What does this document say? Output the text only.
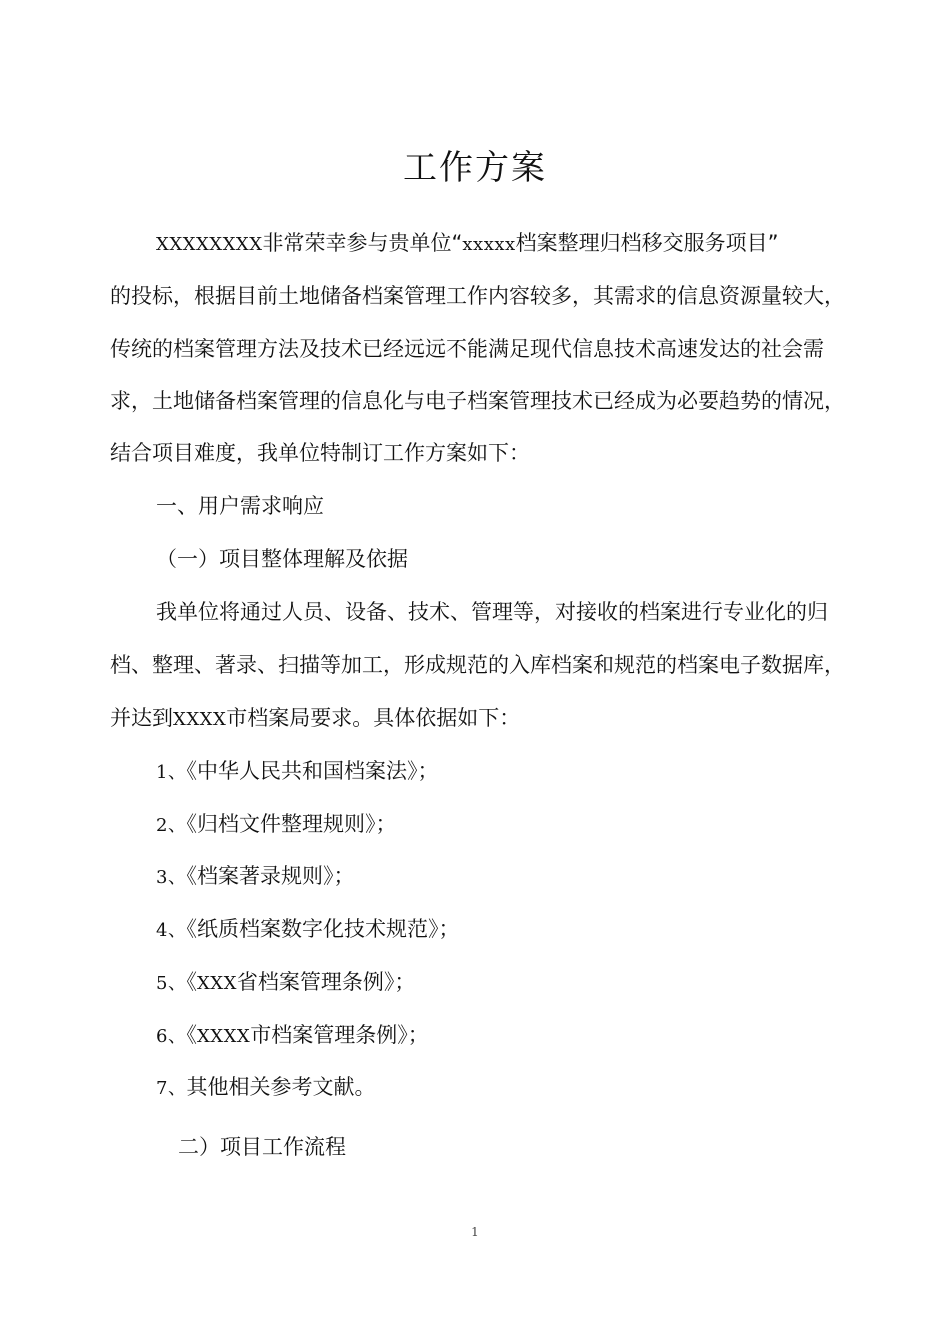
工作方案
XXXXXXXX非常荣幸参与贵单位“xxxxx档案整理归档移交服务项目”
的投标，根据目前土地储备档案管理工作内容较多，其需求的信息资源量较大，
传统的档案管理方法及技术已经远远不能满足现代信息技术高速发达的社会需
求，土地储备档案管理的信息化与电子档案管理技术已经成为必要趋势的情况，
结合项目难度，我单位特制订工作方案如下：
一、用户需求响应
（一）项目整体理解及依据
我单位将通过人员、设备、技术、管理等，对接收的档案进行专业化的归
档、整理、著录、扫描等加工，形成规范的入库档案和规范的档案电子数据库，
并达到XXXX市档案局要求。具体依据如下：
1、《中华人民共和国档案法》；
2、《归档文件整理规则》；
3、《档案著录规则》；
4、《纸质档案数字化技术规范》；
5、《XXX省档案管理条例》；
6、《XXXX市档案管理条例》；
7、其他相关参考文献。
二）项目工作流程
1
